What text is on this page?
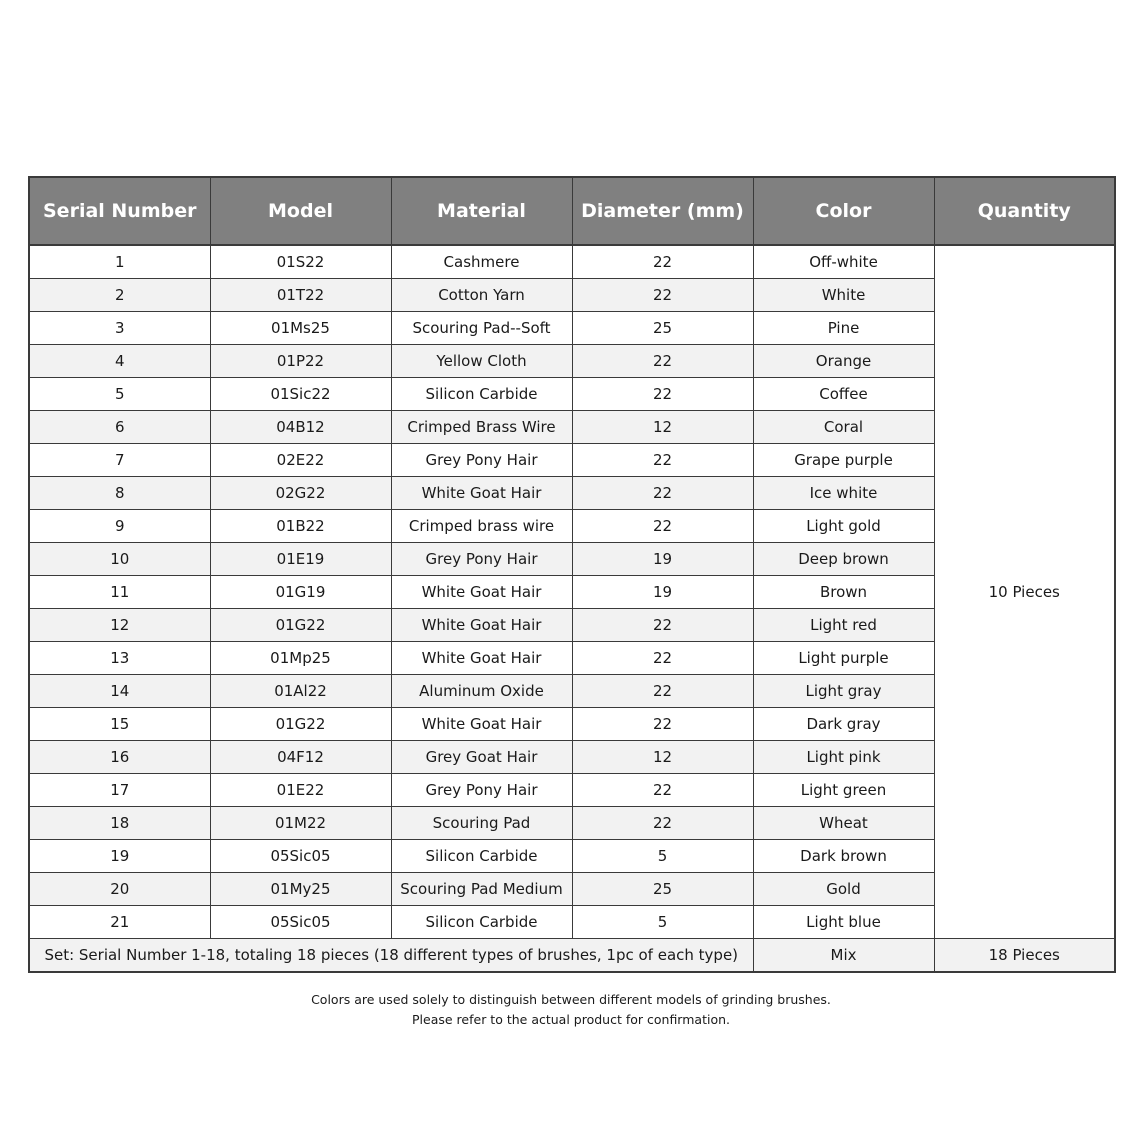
Serial Number	Model	Material	Diameter (mm)	Color	Quantity
1	01S22	Cashmere	22	Off-white	10 Pieces
2	01T22	Cotton Yarn	22	White	
3	01Ms25	Scouring Pad--Soft	25	Pine	
4	01P22	Yellow Cloth	22	Orange	
5	01Sic22	Silicon Carbide	22	Coffee	
6	04B12	Crimped Brass Wire	12	Coral	
7	02E22	Grey Pony Hair	22	Grape purple	
8	02G22	White Goat Hair	22	Ice white	
9	01B22	Crimped brass wire	22	Light gold	
10	01E19	Grey Pony Hair	19	Deep brown	
11	01G19	White Goat Hair	19	Brown	
12	01G22	White Goat Hair	22	Light red	
13	01Mp25	White Goat Hair	22	Light purple	
14	01Al22	Aluminum Oxide	22	Light gray	
15	01G22	White Goat Hair	22	Dark gray	
16	04F12	Grey Goat Hair	12	Light pink	
17	01E22	Grey Pony Hair	22	Light green	
18	01M22	Scouring Pad	22	Wheat	
19	05Sic05	Silicon Carbide	5	Dark brown	
20	01My25	Scouring Pad Medium	25	Gold	
21	05Sic05	Silicon Carbide	5	Light blue	
Set: Serial Number 1-18, totaling 18 pieces (18 different types of brushes, 1pc of each type)				Mix	18 Pieces
Colors are used solely to distinguish between different models of grinding brushes.
Please refer to the actual product for confirmation.
